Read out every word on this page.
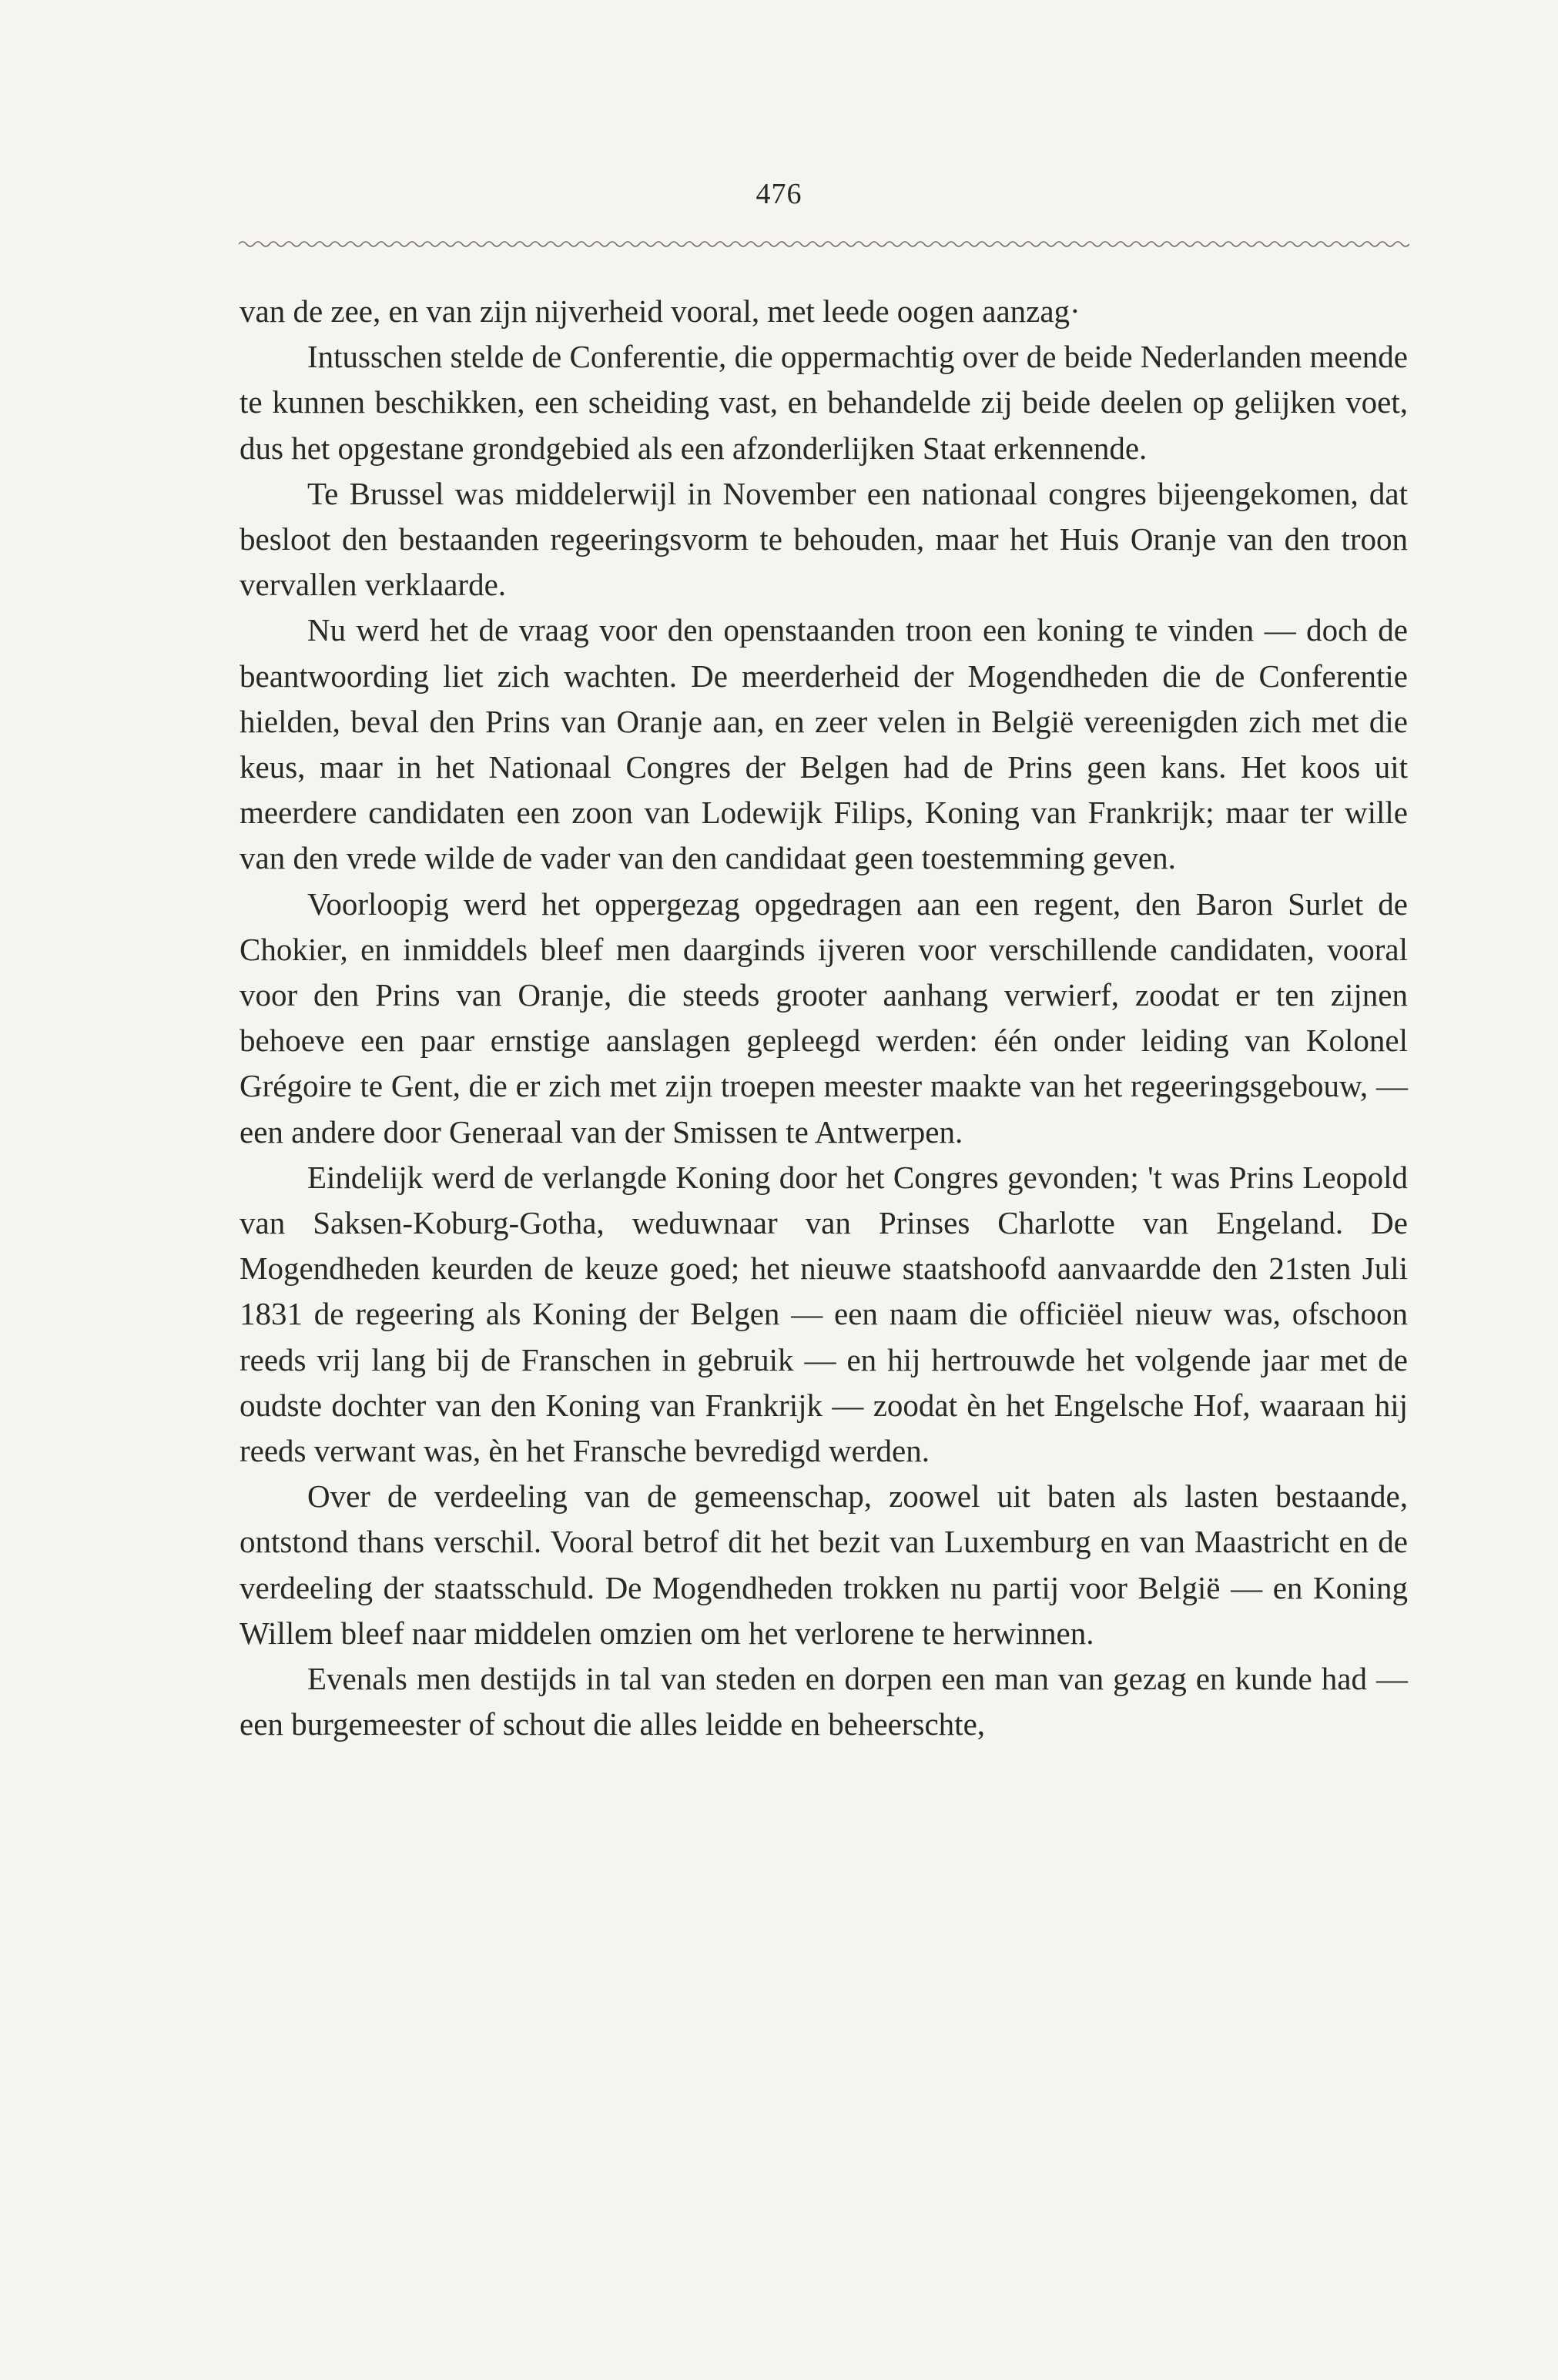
476

van de zee, en van zijn nijverheid vooral, met leede oogen aanzag·

Intusschen stelde de Conferentie, die oppermachtig over de beide Nederlanden meende te kunnen beschikken, een scheiding vast, en behandelde zij beide deelen op gelijken voet, dus het opgestane grondgebied als een afzonderlijken Staat erkennende.

Te Brussel was middelerwijl in November een nationaal congres bijeengekomen, dat besloot den bestaanden regeeringsvorm te behouden, maar het Huis Oranje van den troon vervallen verklaarde.

Nu werd het de vraag voor den openstaanden troon een koning te vinden — doch de beantwoording liet zich wachten. De meerderheid der Mogendheden die de Conferentie hielden, beval den Prins van Oranje aan, en zeer velen in België vereenigden zich met die keus, maar in het Nationaal Congres der Belgen had de Prins geen kans. Het koos uit meerdere candidaten een zoon van Lodewijk Filips, Koning van Frankrijk; maar ter wille van den vrede wilde de vader van den candidaat geen toestemming geven.

Voorloopig werd het oppergezag opgedragen aan een regent, den Baron Surlet de Chokier, en inmiddels bleef men daarginds ijveren voor verschillende candidaten, vooral voor den Prins van Oranje, die steeds grooter aanhang verwierf, zoodat er ten zijnen behoeve een paar ernstige aanslagen gepleegd werden: één onder leiding van Kolonel Grégoire te Gent, die er zich met zijn troepen meester maakte van het regeeringsgebouw, — een andere door Generaal van der Smissen te Antwerpen.

Eindelijk werd de verlangde Koning door het Congres gevonden; 't was Prins Leopold van Saksen-Koburg-Gotha, weduwnaar van Prinses Charlotte van Engeland. De Mogendheden keurden de keuze goed; het nieuwe staatshoofd aanvaardde den 21sten Juli 1831 de regeering als Koning der Belgen — een naam die officiëel nieuw was, ofschoon reeds vrij lang bij de Franschen in gebruik — en hij hertrouwde het volgende jaar met de oudste dochter van den Koning van Frankrijk — zoodat èn het Engelsche Hof, waaraan hij reeds verwant was, èn het Fransche bevredigd werden.

Over de verdeeling van de gemeenschap, zoowel uit baten als lasten bestaande, ontstond thans verschil. Vooral betrof dit het bezit van Luxemburg en van Maastricht en de verdeeling der staatsschuld. De Mogendheden trokken nu partij voor België — en Koning Willem bleef naar middelen omzien om het verlorene te herwinnen.

Evenals men destijds in tal van steden en dorpen een man van gezag en kunde had — een burgemeester of schout die alles leidde en beheerschte,
